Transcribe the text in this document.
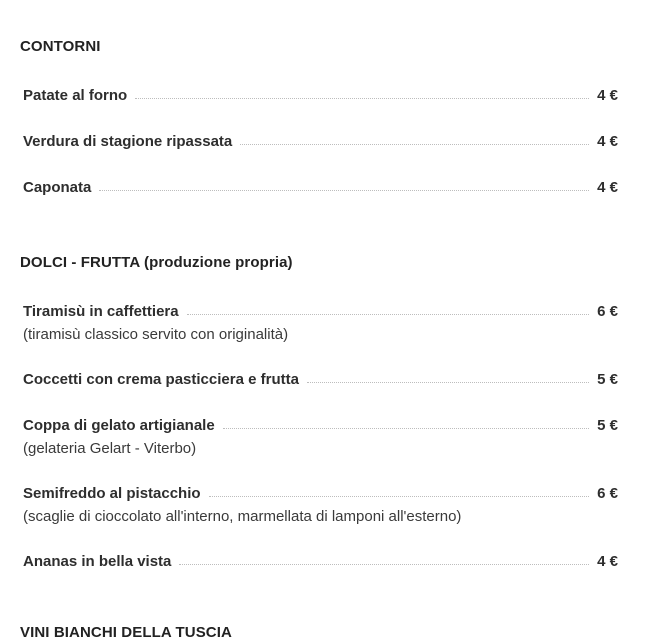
CONTORNI
Patate al forno	4 €
Verdura di stagione ripassata	4 €
Caponata	4 €
DOLCI - FRUTTA (produzione propria)
Tiramisù in caffettiera	6 €
(tiramisù classico servito con originalità)
Coccetti con crema pasticciera e frutta	5 €
Coppa di gelato artigianale	5 €
(gelateria Gelart - Viterbo)
Semifreddo al pistacchio	6 €
(scaglie di cioccolato all'interno, marmellata di lamponi all'esterno)
Ananas in bella vista	4 €
VINI BIANCHI DELLA TUSCIA
